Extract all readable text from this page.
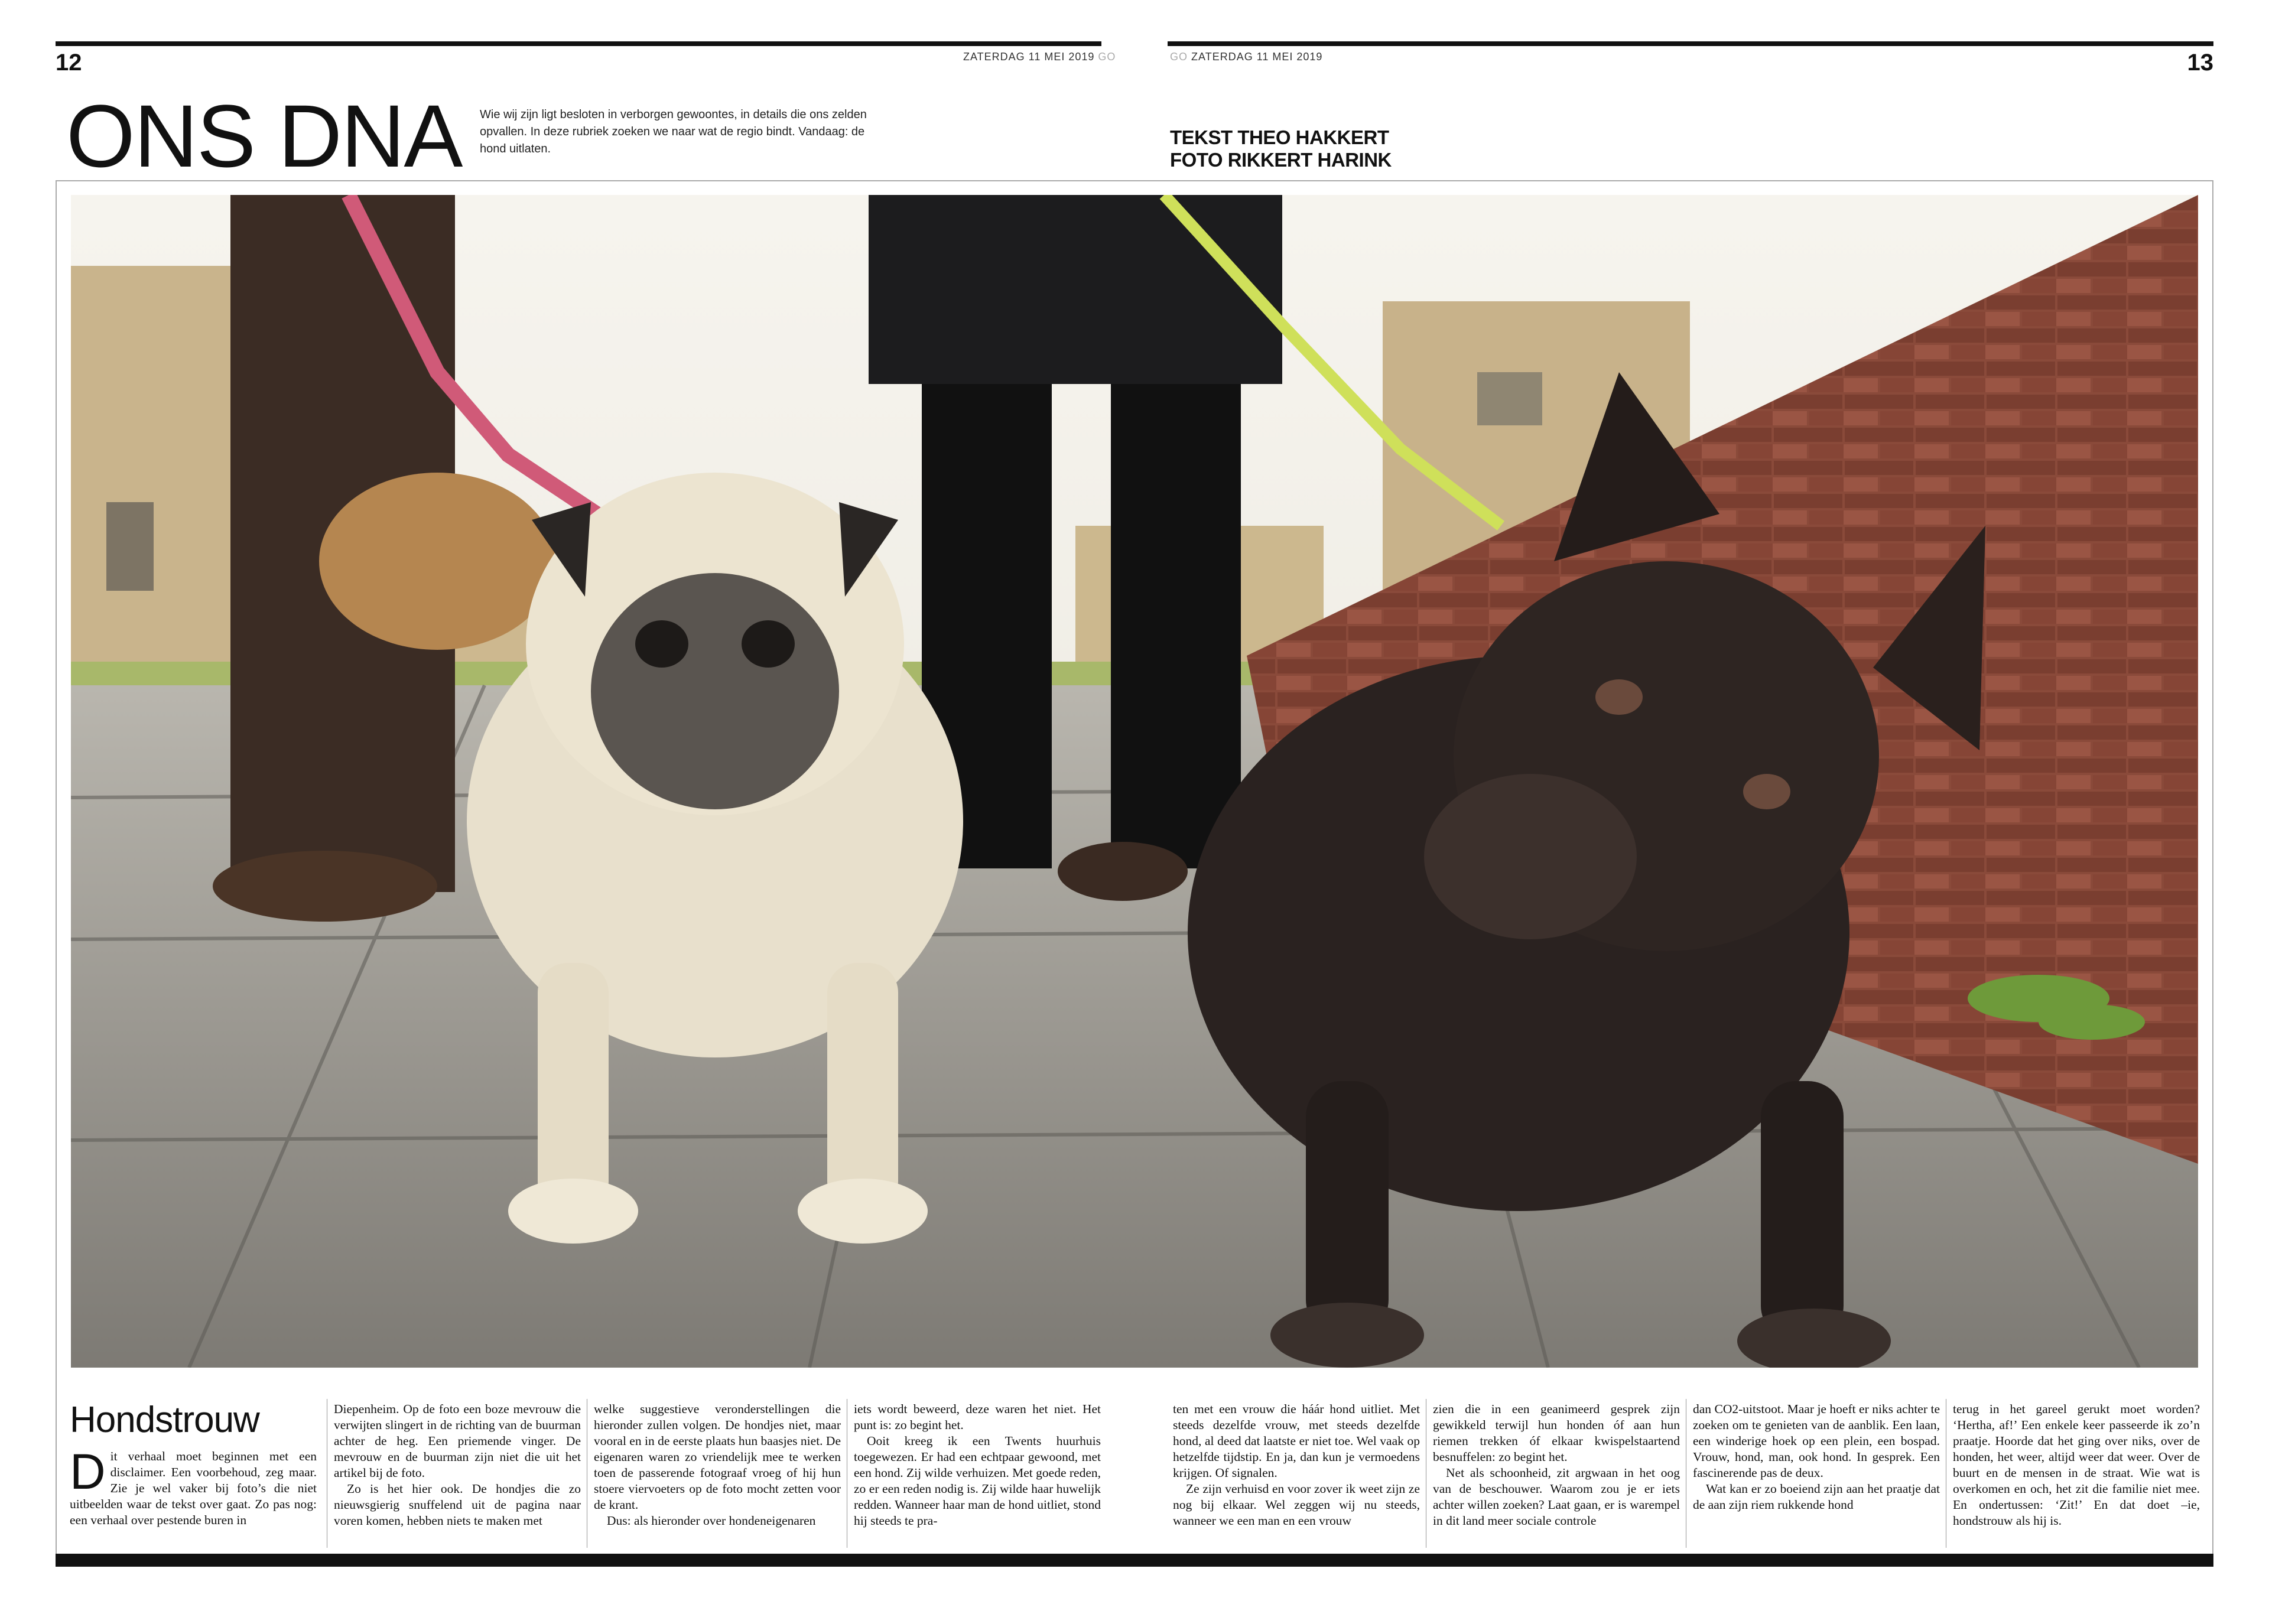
12	ZATERDAG 11 MEI 2019 GO	GO ZATERDAG 11 MEI 2019	13
ONS DNA Wie wij zijn ligt besloten in verborgen gewoontes, in details die ons zelden opvallen. In deze rubriek zoeken we naar wat de regio bindt. Vandaag: de hond uitlaten.
TEKST THEO HAKKERT
FOTO RIKKERT HARINK
Hondstrouw
D it verhaal moet beginnen met een disclaimer. Een voorbehoud, zeg maar. Zie je wel vaker bij foto’s die niet uitbeelden waar de tekst over gaat. Zo pas nog: een verhaal over pestende buren in

Diepenheim. Op de foto een boze mevrouw die verwijten slingert in de richting van de buurman achter de heg. Een priemende vinger. De mevrouw en de buurman zijn niet die uit het artikel bij de foto.

Zo is het hier ook. De hondjes die zo nieuwsgierig snuffelend uit de pagina naar voren komen, hebben niets te maken met

welke suggestieve veronderstellingen die hieronder zullen volgen. De hondjes niet, maar vooral en in de eerste plaats hun baasjes niet. De eigenaren waren zo vriendelijk mee te werken toen de passerende fotograaf vroeg of hij hun stoere viervoeters op de foto mocht zetten voor de krant.

Dus: als hieronder over hondeneigenaren

iets wordt beweerd, deze waren het niet. Het punt is: zo begint het.

Ooit kreeg ik een Twents huurhuis toegewezen. Er had een echtpaar gewoond, met een hond. Zij wilde verhuizen. Met goede reden, zo er een reden nodig is. Zij wilde haar huwelijk redden. Wanneer haar man de hond uitliet, stond hij steeds te pra-

ten met een vrouw die háár hond uitliet. Met steeds dezelfde vrouw, met steeds dezelfde hond, al deed dat laatste er niet toe. Wel vaak op hetzelfde tijdstip. En ja, dan kun je vermoedens krijgen. Of signalen.

Ze zijn verhuisd en voor zover ik weet zijn ze nog bij elkaar. Wel zeggen wij nu steeds, wanneer we een man en een vrouw

zien die in een geanimeerd gesprek zijn gewikkeld terwijl hun honden óf aan hun riemen trekken óf elkaar kwispelstaartend besnuffelen: zo begint het.

Net als schoonheid, zit argwaan in het oog van de beschouwer. Waarom zou je er iets achter willen zoeken? Laat gaan, er is warempel in dit land meer sociale controle

dan CO2-uitstoot. Maar je hoeft er niks achter te zoeken om te genieten van de aanblik. Een laan, een winderige hoek op een plein, een bospad. Vrouw, hond, man, ook hond. In gesprek. Een fascinerende pas de deux.

Wat kan er zo boeiend zijn aan het praatje dat de aan zijn riem rukkende hond

terug in het gareel gerukt moet worden? ‘Hertha, af!’ Een enkele keer passeerde ik zo’n praatje. Hoorde dat het ging over niks, over de honden, het weer, altijd weer dat weer. Over de buurt en de mensen in de straat. Wie wat is overkomen en och, het zit die familie niet mee. En ondertussen: ‘Zit!’ En dat doet –ie, hondstrouw als hij is.
